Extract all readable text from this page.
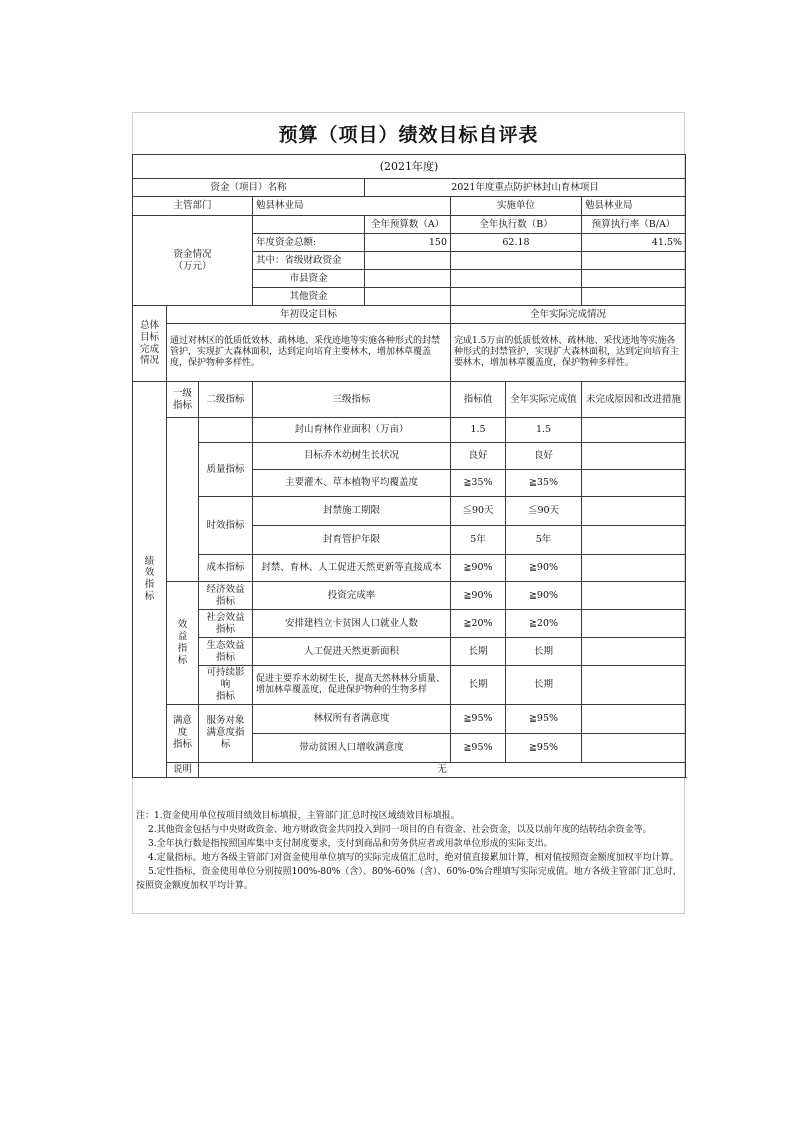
预算（项目）绩效目标自评表
(2021年度)							
资金（项目）名称				2021年度重点防护林封山育林项目			
主管部门			勉县林业局		实施单位		勉县林业局
资金情况
（万元）				全年预算数（A）	全年执行数（B）		预算执行率（B/A）
			年度资金总额:	150	62.18		41.5%
			其中：省级财政资金				
			市县资金				
			其他资金				
总体
目标
完成
情况	年初设定目标				全年实际完成情况		
	通过对林区的低质低效林、疏林地、采伐迹地等实施各种形式的封禁管护，实现扩大森林面积，达到定向培育主要林木，增加林草覆盖度，保护物种多样性。				完成1.5万亩的低质低效林、疏林地、采伐迹地等实施各种形式的封禁管护，实现扩大森林面积，达到定向培育主要林木，增加林草覆盖度，保护物种多样性。		
绩
效
指
标	一级
指标	二级指标	三级指标		指标值	全年实际完成值	未完成原因和改进措施
			封山育林作业面积（万亩）		1.5	1.5	
		质量指标	目标乔木幼树生长状况		良好	良好	
			主要灌木、草本植物平均覆盖度		≧35%	≧35%	
		时效指标	封禁施工期限		≦90天	≦90天	
			封育管护年限		5年	5年	
		成本指标	封禁、育林、人工促进天然更新等直接成本		≧90%	≧90%	
	效
益
指
标	经济效益
指标	投资完成率		≧90%	≧90%	
		社会效益
指标	安排建档立卡贫困人口就业人数		≧20%	≧20%	
		生态效益
指标	人工促进天然更新面积		长期	长期	
		可持续影响
指标	促进主要乔木幼树生长，提高天然林林分质量、增加林草覆盖度，促进保护物种的生物多样		长期	长期	
	满意度
指标	服务对象
满意度指标	林权所有者满意度		≧95%	≧95%	
			带动贫困人口增收满意度		≧95%	≧95%	
	说明	无					

注：1.资金使用单位按项目绩效目标填报，主管部门汇总时按区域绩效目标填报。

2.其他资金包括与中央财政资金、地方财政资金共同投入到同一项目的自有资金、社会资金，以及以前年度的结转结余资金等。

3.全年执行数是指按照国库集中支付制度要求，支付到商品和劳务供应者或用款单位形成的实际支出。

4.定量指标。地方各级主管部门对资金使用单位填写的实际完成值汇总时，绝对值直接累加计算，相对值按照资金额度加权平均计算。

5.定性指标，资金使用单位分别按照100%-80%（含）、80%-60%（含）、60%-0%合理填写实际完成值。地方各级主管部门汇总时，按照资金额度加权平均计算。
